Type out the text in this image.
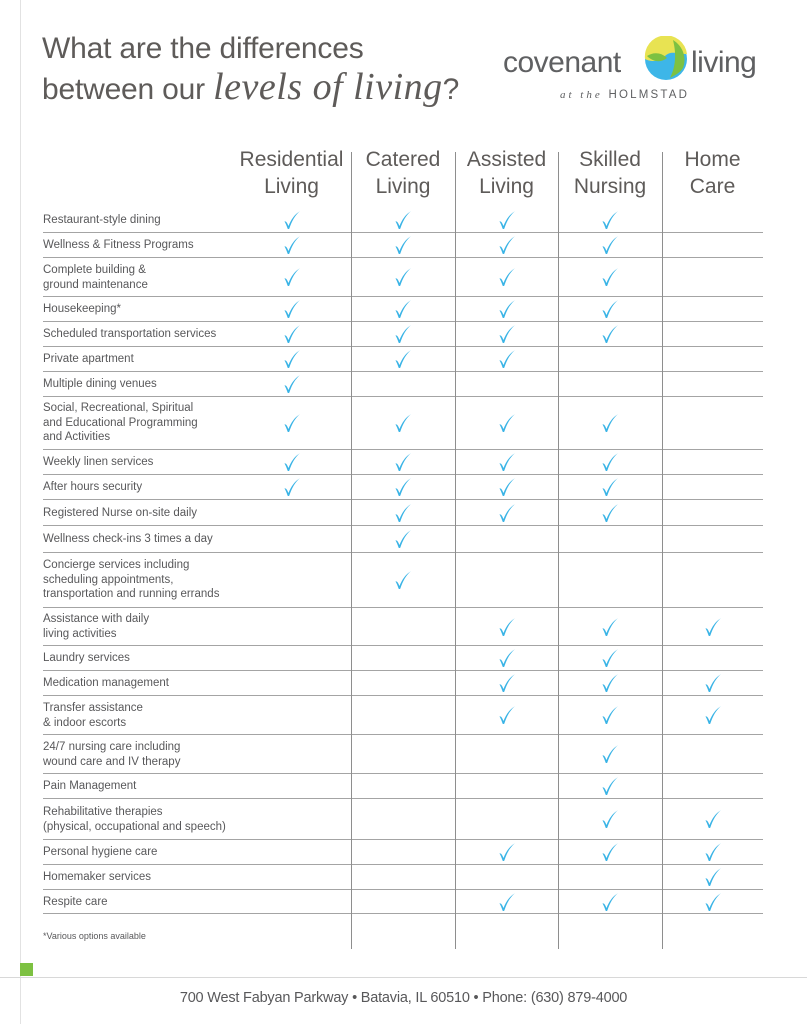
What are the differences
between our levels of living?
covenant living
at the HOLMSTAD
Residential
Living
Catered
Living
Assisted
Living
Skilled
Nursing
Home
Care
Restaurant-style dining
Wellness & Fitness Programs
Complete building &
ground maintenance
Housekeeping*
Scheduled transportation services
Private apartment
Multiple dining venues
Social, Recreational, Spiritual
and Educational Programming
and Activities
Weekly linen services
After hours security
Registered Nurse on-site daily
Wellness check-ins 3 times a day
Concierge services including
scheduling appointments,
transportation and running errands
Assistance with daily
living activities
Laundry services
Medication management
Transfer assistance
& indoor escorts
24/7 nursing care including
wound care and IV therapy
Pain Management
Rehabilitative therapies
(physical, occupational and speech)
Personal hygiene care
Homemaker services
Respite care
*Various options available
700 West Fabyan Parkway • Batavia, IL 60510 • Phone: (630) 879-4000
